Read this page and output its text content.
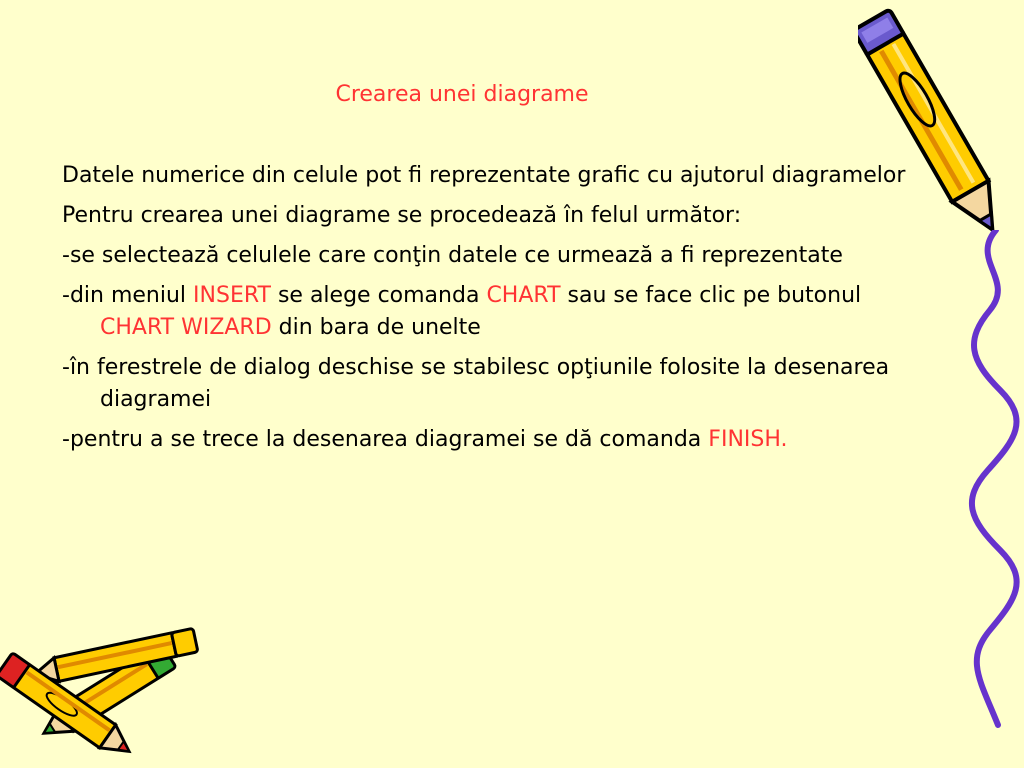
Crearea unei diagrame

Datele numerice din celule pot fi reprezentate grafic cu ajutorul diagramelor

Pentru crearea unei diagrame se procedează în felul următor:

-se selectează celulele care conţin datele ce urmează a fi reprezentate

-din meniul INSERT se alege comanda CHART sau se face clic pe butonul CHART WIZARD din bara de unelte

-în ferestrele de dialog deschise se stabilesc opţiunile folosite la desenarea diagramei

-pentru a se trece la desenarea diagramei se dă comanda FINISH.
